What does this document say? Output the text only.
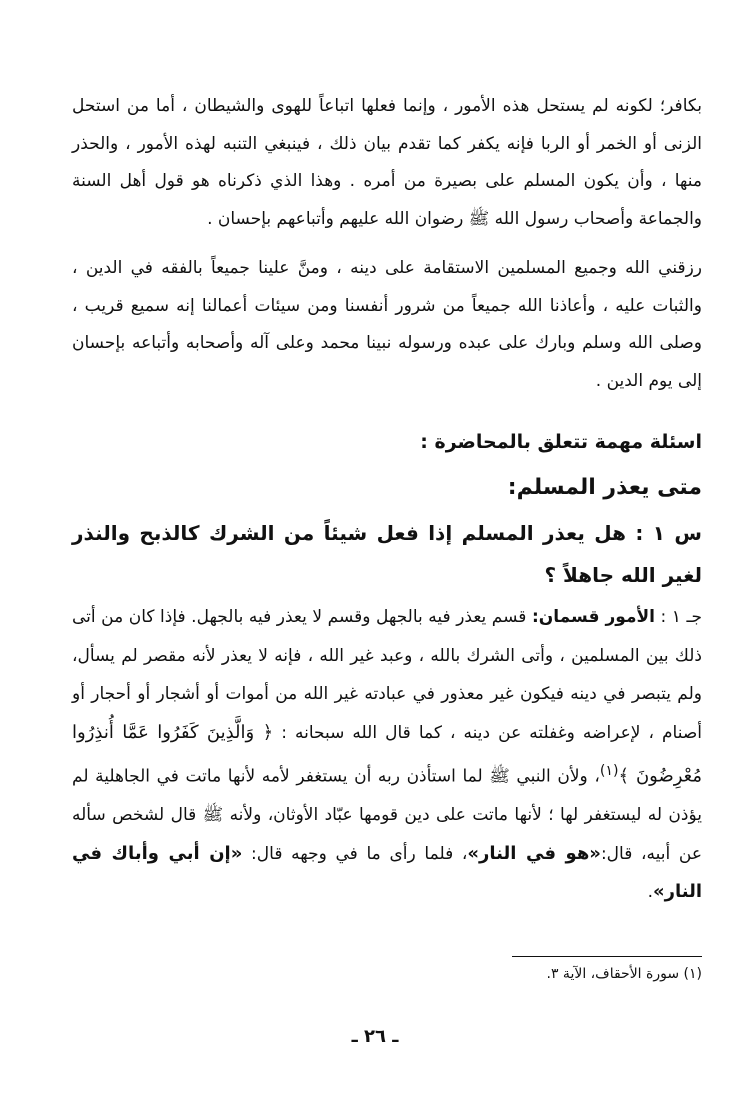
بكافر؛ لكونه لم يستحل هذه الأمور ، وإنما فعلها اتباعاً للهوى والشيطان ، أما من استحل الزنى أو الخمر أو الربا فإنه يكفر كما تقدم بيان ذلك ، فينبغي التنبه لهذه الأمور ، والحذر منها ، وأن يكون المسلم على بصيرة من أمره . وهذا الذي ذكرناه هو قول أهل السنة والجماعة وأصحاب رسول الله ﷺ رضوان الله عليهم وأتباعهم بإحسان .

رزقني الله وجميع المسلمين الاستقامة على دينه ، ومنَّ علينا جميعاً بالفقه في الدين ، والثبات عليه ، وأعاذنا الله جميعاً من شرور أنفسنا ومن سيئات أعمالنا إنه سميع قريب ، وصلى الله وسلم وبارك على عبده ورسوله نبينا محمد وعلى آله وأصحابه وأتباعه بإحسان إلى يوم الدين .

اسئلة مهمة تتعلق بالمحاضرة :
متى يعذر المسلم:

س ١ : هل يعذر المسلم إذا فعل شيئاً من الشرك كالذبح والنذر لغير الله جاهلاً ؟

جـ ١ : الأمور قسمان: قسم يعذر فيه بالجهل وقسم لا يعذر فيه بالجهل. فإذا كان من أتى ذلك بين المسلمين ، وأتى الشرك بالله ، وعبد غير الله ، فإنه لا يعذر لأنه مقصر لم يسأل، ولم يتبصر في دينه فيكون غير معذور في عبادته غير الله من أموات أو أشجار أو أحجار أو أصنام ، لإعراضه وغفلته عن دينه ، كما قال الله سبحانه : ﴿ وَالَّذِينَ كَفَرُوا عَمَّا أُنذِرُوا مُعْرِضُونَ ﴾$^{(١)}$، ولأن النبي ﷺ لما استأذن ربه أن يستغفر لأمه لأنها ماتت في الجاهلية لم يؤذن له ليستغفر لها ؛ لأنها ماتت على دين قومها عبّاد الأوثان، ولأنه ﷺ قال لشخص سأله عن أبيه، قال:«هو في النار»، فلما رأى ما في وجهه قال: «إن أبي وأباك في النار».

(١) سورة الأحقاف، الآية ٣.
ـ ٢٦ ـ
